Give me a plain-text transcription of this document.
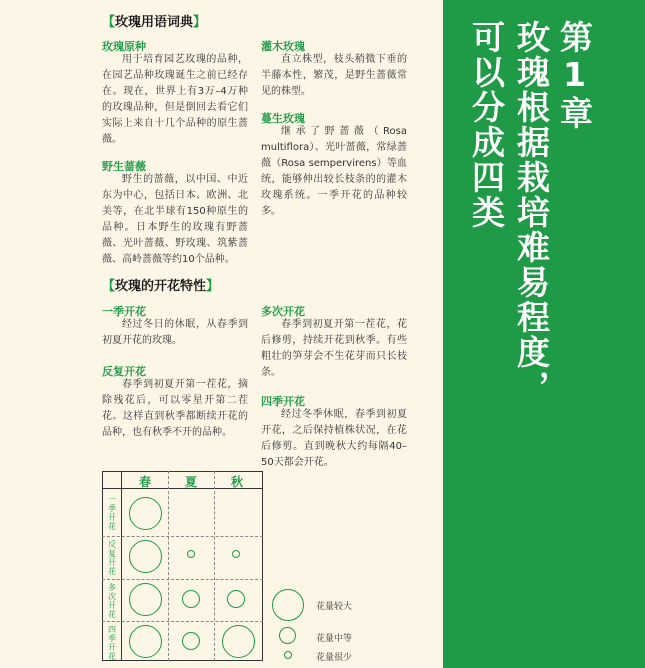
第1章
玫瑰根据栽培难易程度，
可以分成四类
【玫瑰用语词典】
玫瑰原种
用于培育园艺玫瑰的品种，在园艺品种玫瑰诞生之前已经存在。现在，世界上有3万–4万种的玫瑰品种，但是倒回去看它们实际上来自十几个品种的原生蔷薇。
野生蔷薇
野生的蔷薇，以中国、中近东为中心，包括日本、欧洲、北美等，在北半球有150种原生的品种。日本野生的玫瑰有野蔷薇、光叶蔷薇、野玫瑰、筑紫蔷薇、高岭蔷薇等约10个品种。
灌木玫瑰
直立株型，枝头稍微下垂的半藤本性，繁茂，是野生蔷薇常见的株型。
蔓生玫瑰
继承了野蔷薇（Rosa multiflora）、光叶蔷薇，常绿蔷薇（Rosa sempervirens）等血统，能够伸出较长枝条的的灌木玫瑰系统。一季开花的品种较多。
【玫瑰的开花特性】
一季开花
经过冬日的休眠，从春季到初夏开花的玫瑰。
反复开花
春季到初夏开第一茬花，摘除残花后，可以零星开第二茬花。这样直到秋季都断续开花的品种，也有秋季不开的品种。
多次开花
春季到初夏开第一茬花，花后修剪，持续开花到秋季。有些粗壮的笋芽会不生花芽而只长枝条。
四季开花
经过冬季休眠，春季到初夏开花，之后保持植株状况，在花后修剪。直到晚秋大约每隔40–50天都会开花。
春	夏	秋
一季开花
反复开花
多次开花
四季开花
花量较大
花量中等
花量很少
